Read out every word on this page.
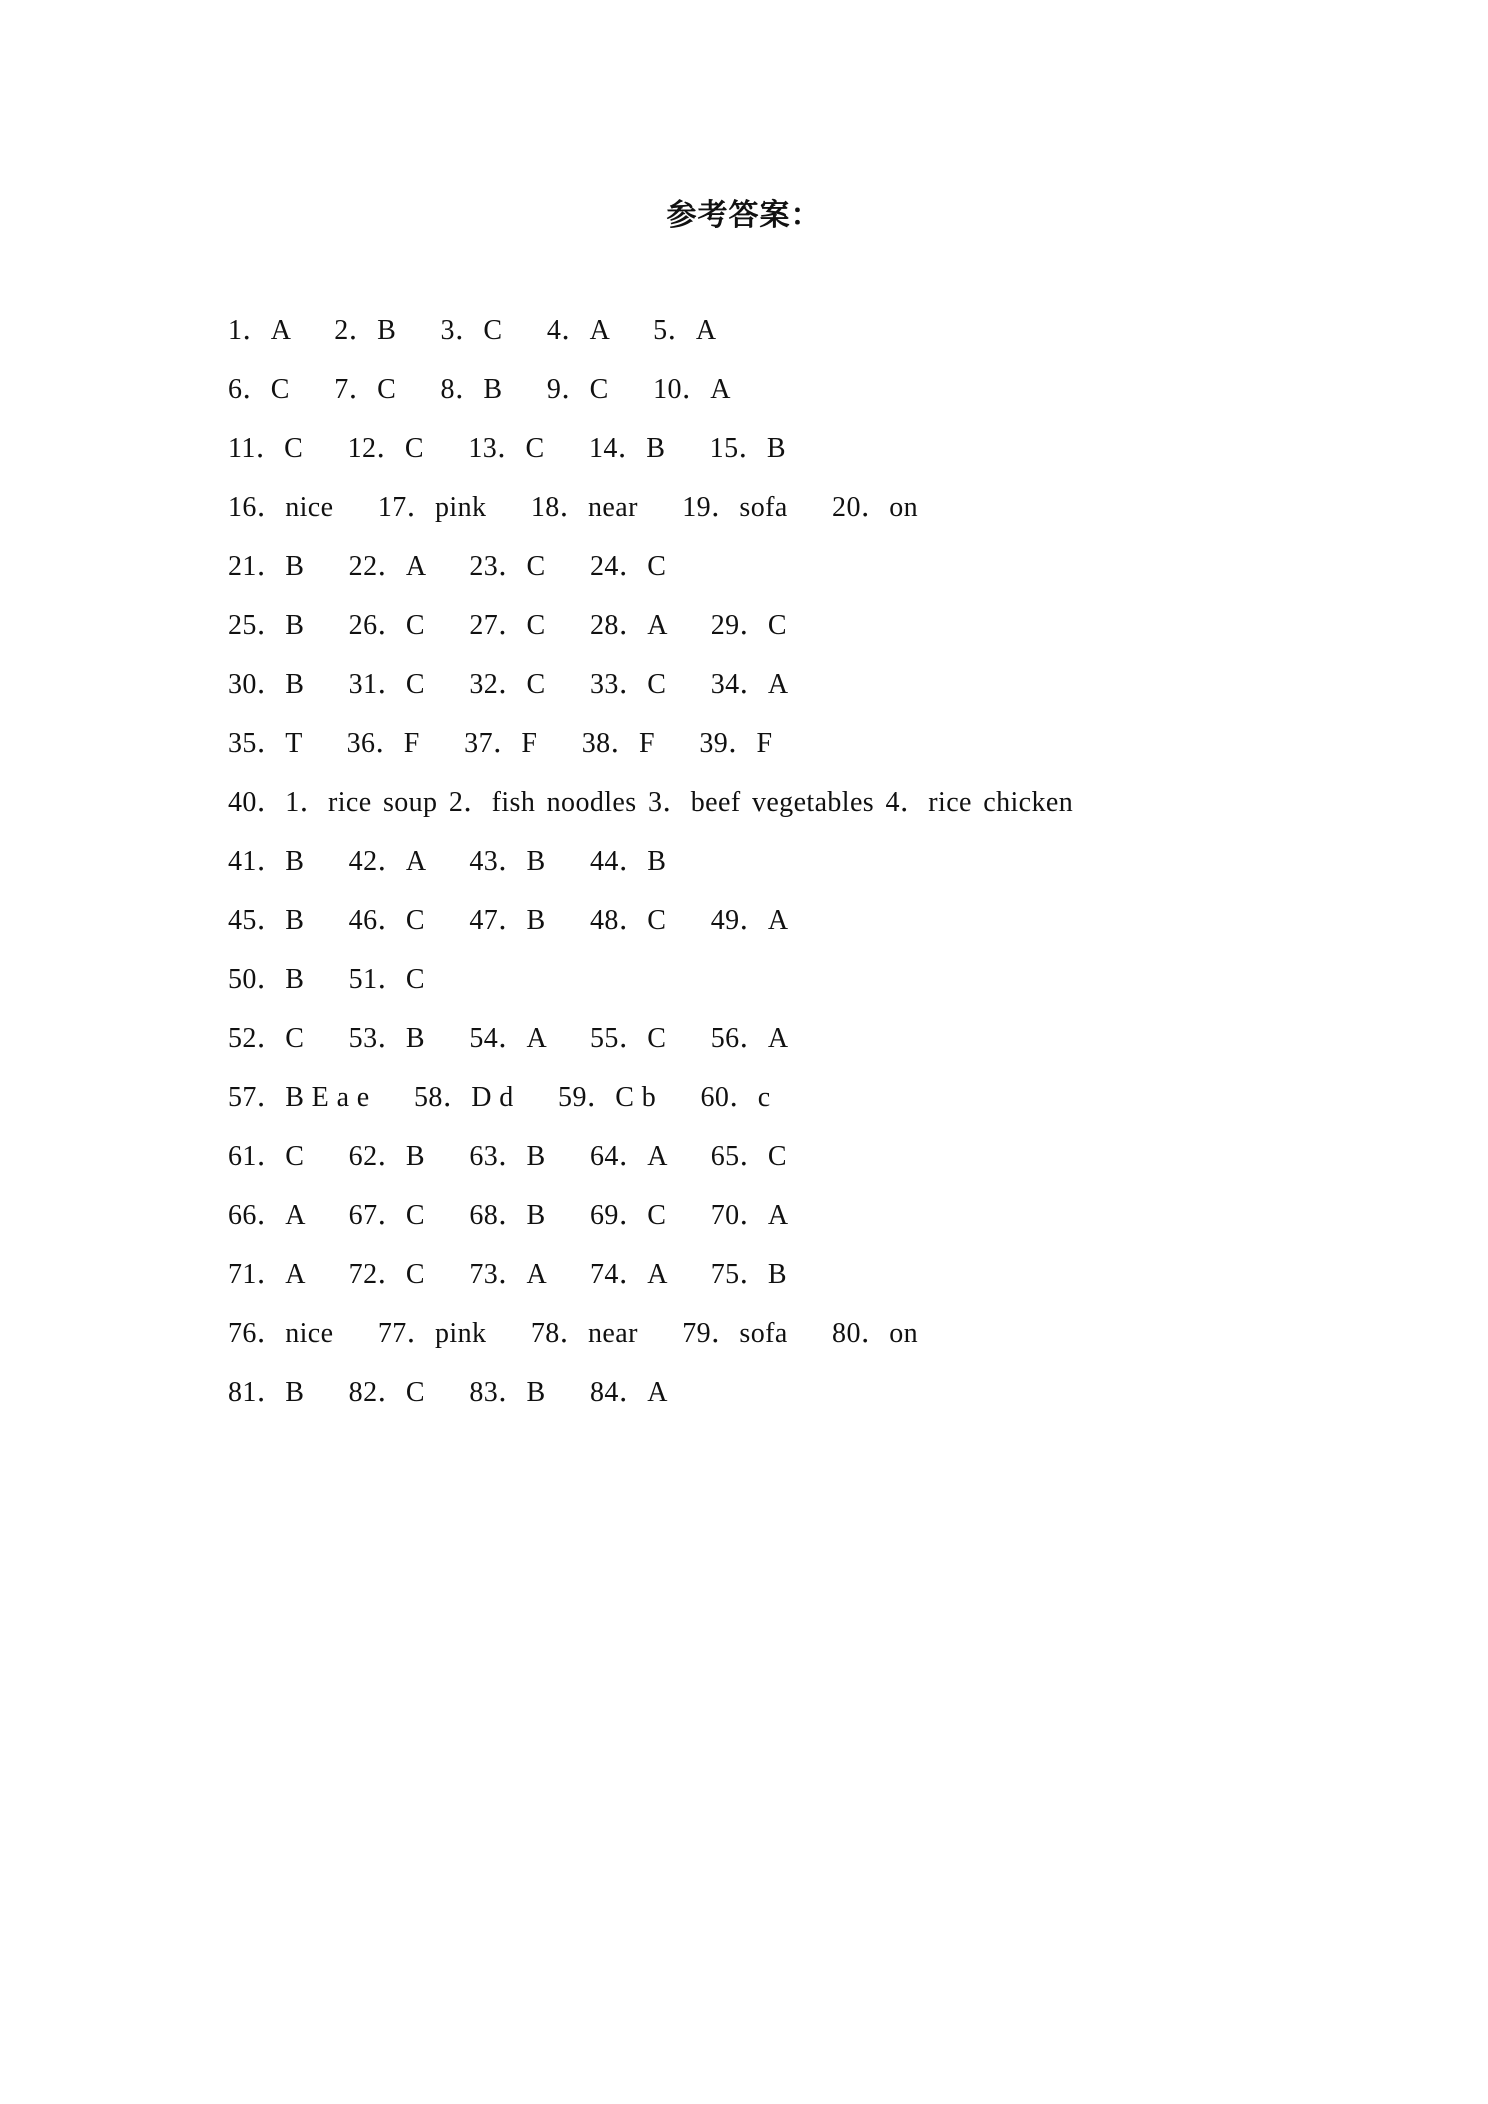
参考答案：
1．A      2．B      3．C      4．A      5．A
6．C      7．C      8．B      9．C      10．A
11．C      12．C      13．C      14．B      15．B
16．nice      17．pink      18．near      19．sofa      20．on
21．B      22．A      23．C      24．C
25．B      26．C      27．C      28．A      29．C
30．B      31．C      32．C      33．C      34．A
35．T      36．F      37．F      38．F      39．F
40．1．rice soup 2．fish noodles 3．beef vegetables 4．rice chicken
41．B      42．A      43．B      44．B
45．B      46．C      47．B      48．C      49．A
50．B      51．C
52．C      53．B      54．A      55．C      56．A
57．B E a e      58．D d      59．C b      60．c
61．C      62．B      63．B      64．A      65．C
66．A      67．C      68．B      69．C      70．A
71．A      72．C      73．A      74．A      75．B
76．nice      77．pink      78．near      79．sofa      80．on
81．B      82．C      83．B      84．A
